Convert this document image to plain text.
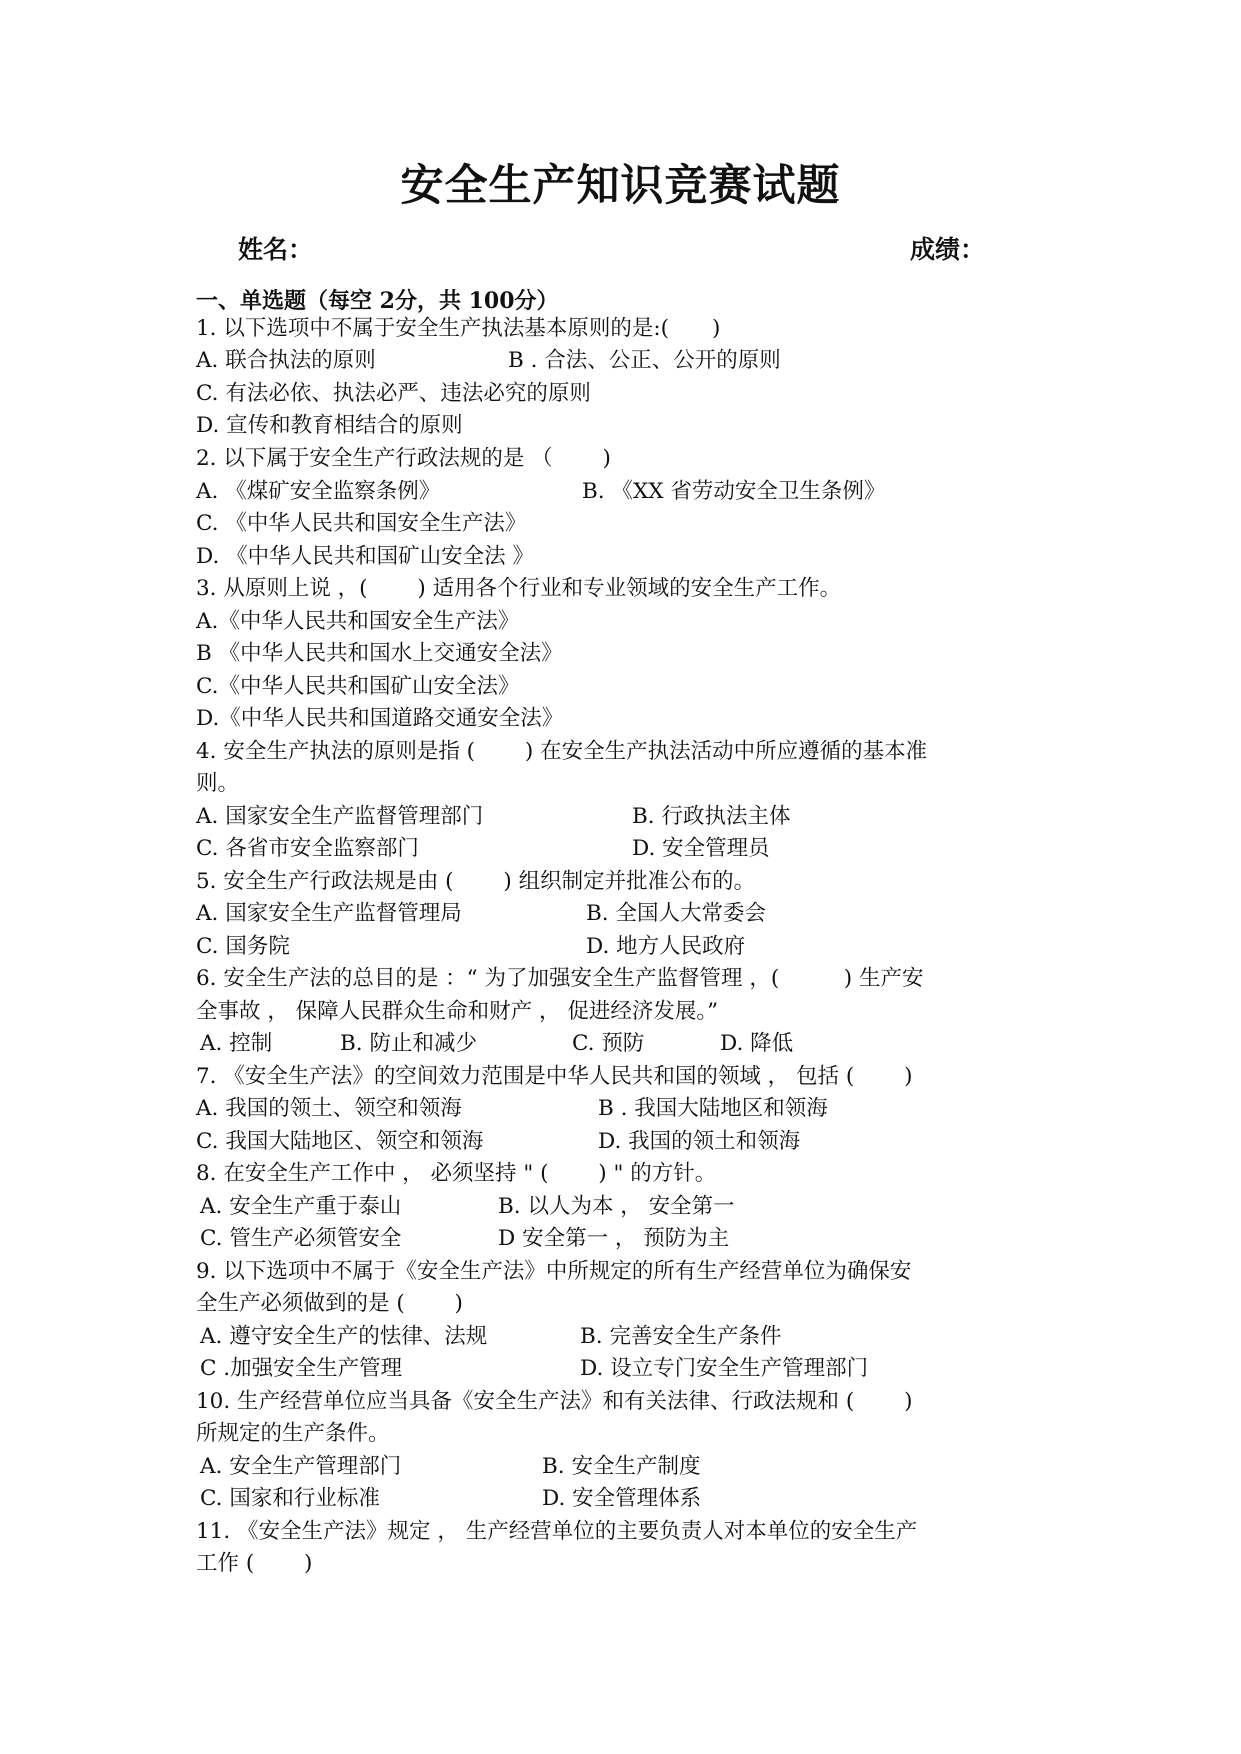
安全生产知识竞赛试题
姓名：	成绩：
一、单选题（每空 2分，共 100分）
1. 以下选项中不属于安全生产执法基本原则的是:(　　)
A. 联合执法的原则	B . 合法、公正、公开的原则
C. 有法必依、执法必严、违法必究的原则
D. 宣传和教育相结合的原则
2. 以下属于安全生产行政法规的是 （　　 )
A. 《煤矿安全监察条例》	B. 《XX 省劳动安全卫生条例》
C. 《中华人民共和国安全生产法》
D. 《中华人民共和国矿山安全法 》
3. 从原则上说 ，(　　 ) 适用各个行业和专业领域的安全生产工作。
A.《中华人民共和国安全生产法》
B 《中华人民共和国水上交通安全法》
C.《中华人民共和国矿山安全法》
D.《中华人民共和国道路交通安全法》
4. 安全生产执法的原则是指 (　　 ) 在安全生产执法活动中所应遵循的基本准
则。
A. 国家安全生产监督管理部门	B. 行政执法主体
C. 各省市安全监察部门	D. 安全管理员
5. 安全生产行政法规是由 (　　 ) 组织制定并批准公布的。
A. 国家安全生产监督管理局	B. 全国人大常委会
C. 国务院	D. 地方人民政府
6. 安全生产法的总目的是 ：“ 为了加强安全生产监督管理 ，(　　　) 生产安
全事故 ， 保障人民群众生命和财产 ， 促进经济发展。”
A. 控制	B. 防止和减少	C. 预防	D. 降低
7. 《安全生产法》的空间效力范围是中华人民共和国的领域 ， 包括 (　　 )
A. 我国的领土、领空和领海	B . 我国大陆地区和领海
C. 我国大陆地区、领空和领海	D. 我国的领土和领海
8. 在安全生产工作中 ， 必须坚持 " (　　 ) " 的方针。
A. 安全生产重于泰山	B. 以人为本 ， 安全第一
C. 管生产必须管安全	D 安全第一 ， 预防为主
9. 以下选项中不属于《安全生产法》中所规定的所有生产经营单位为确保安
全生产必须做到的是 (　　 )
A. 遵守安全生产的怯律、法规	B. 完善安全生产条件
C .加强安全生产管理	D. 设立专门安全生产管理部门
10. 生产经营单位应当具备《安全生产法》和有关法律、行政法规和 (　　 )
所规定的生产条件。
A. 安全生产管理部门	B. 安全生产制度
C. 国家和行业标准	D. 安全管理体系
11. 《安全生产法》规定 ， 生产经营单位的主要负责人对本单位的安全生产
工作 (　　 )
